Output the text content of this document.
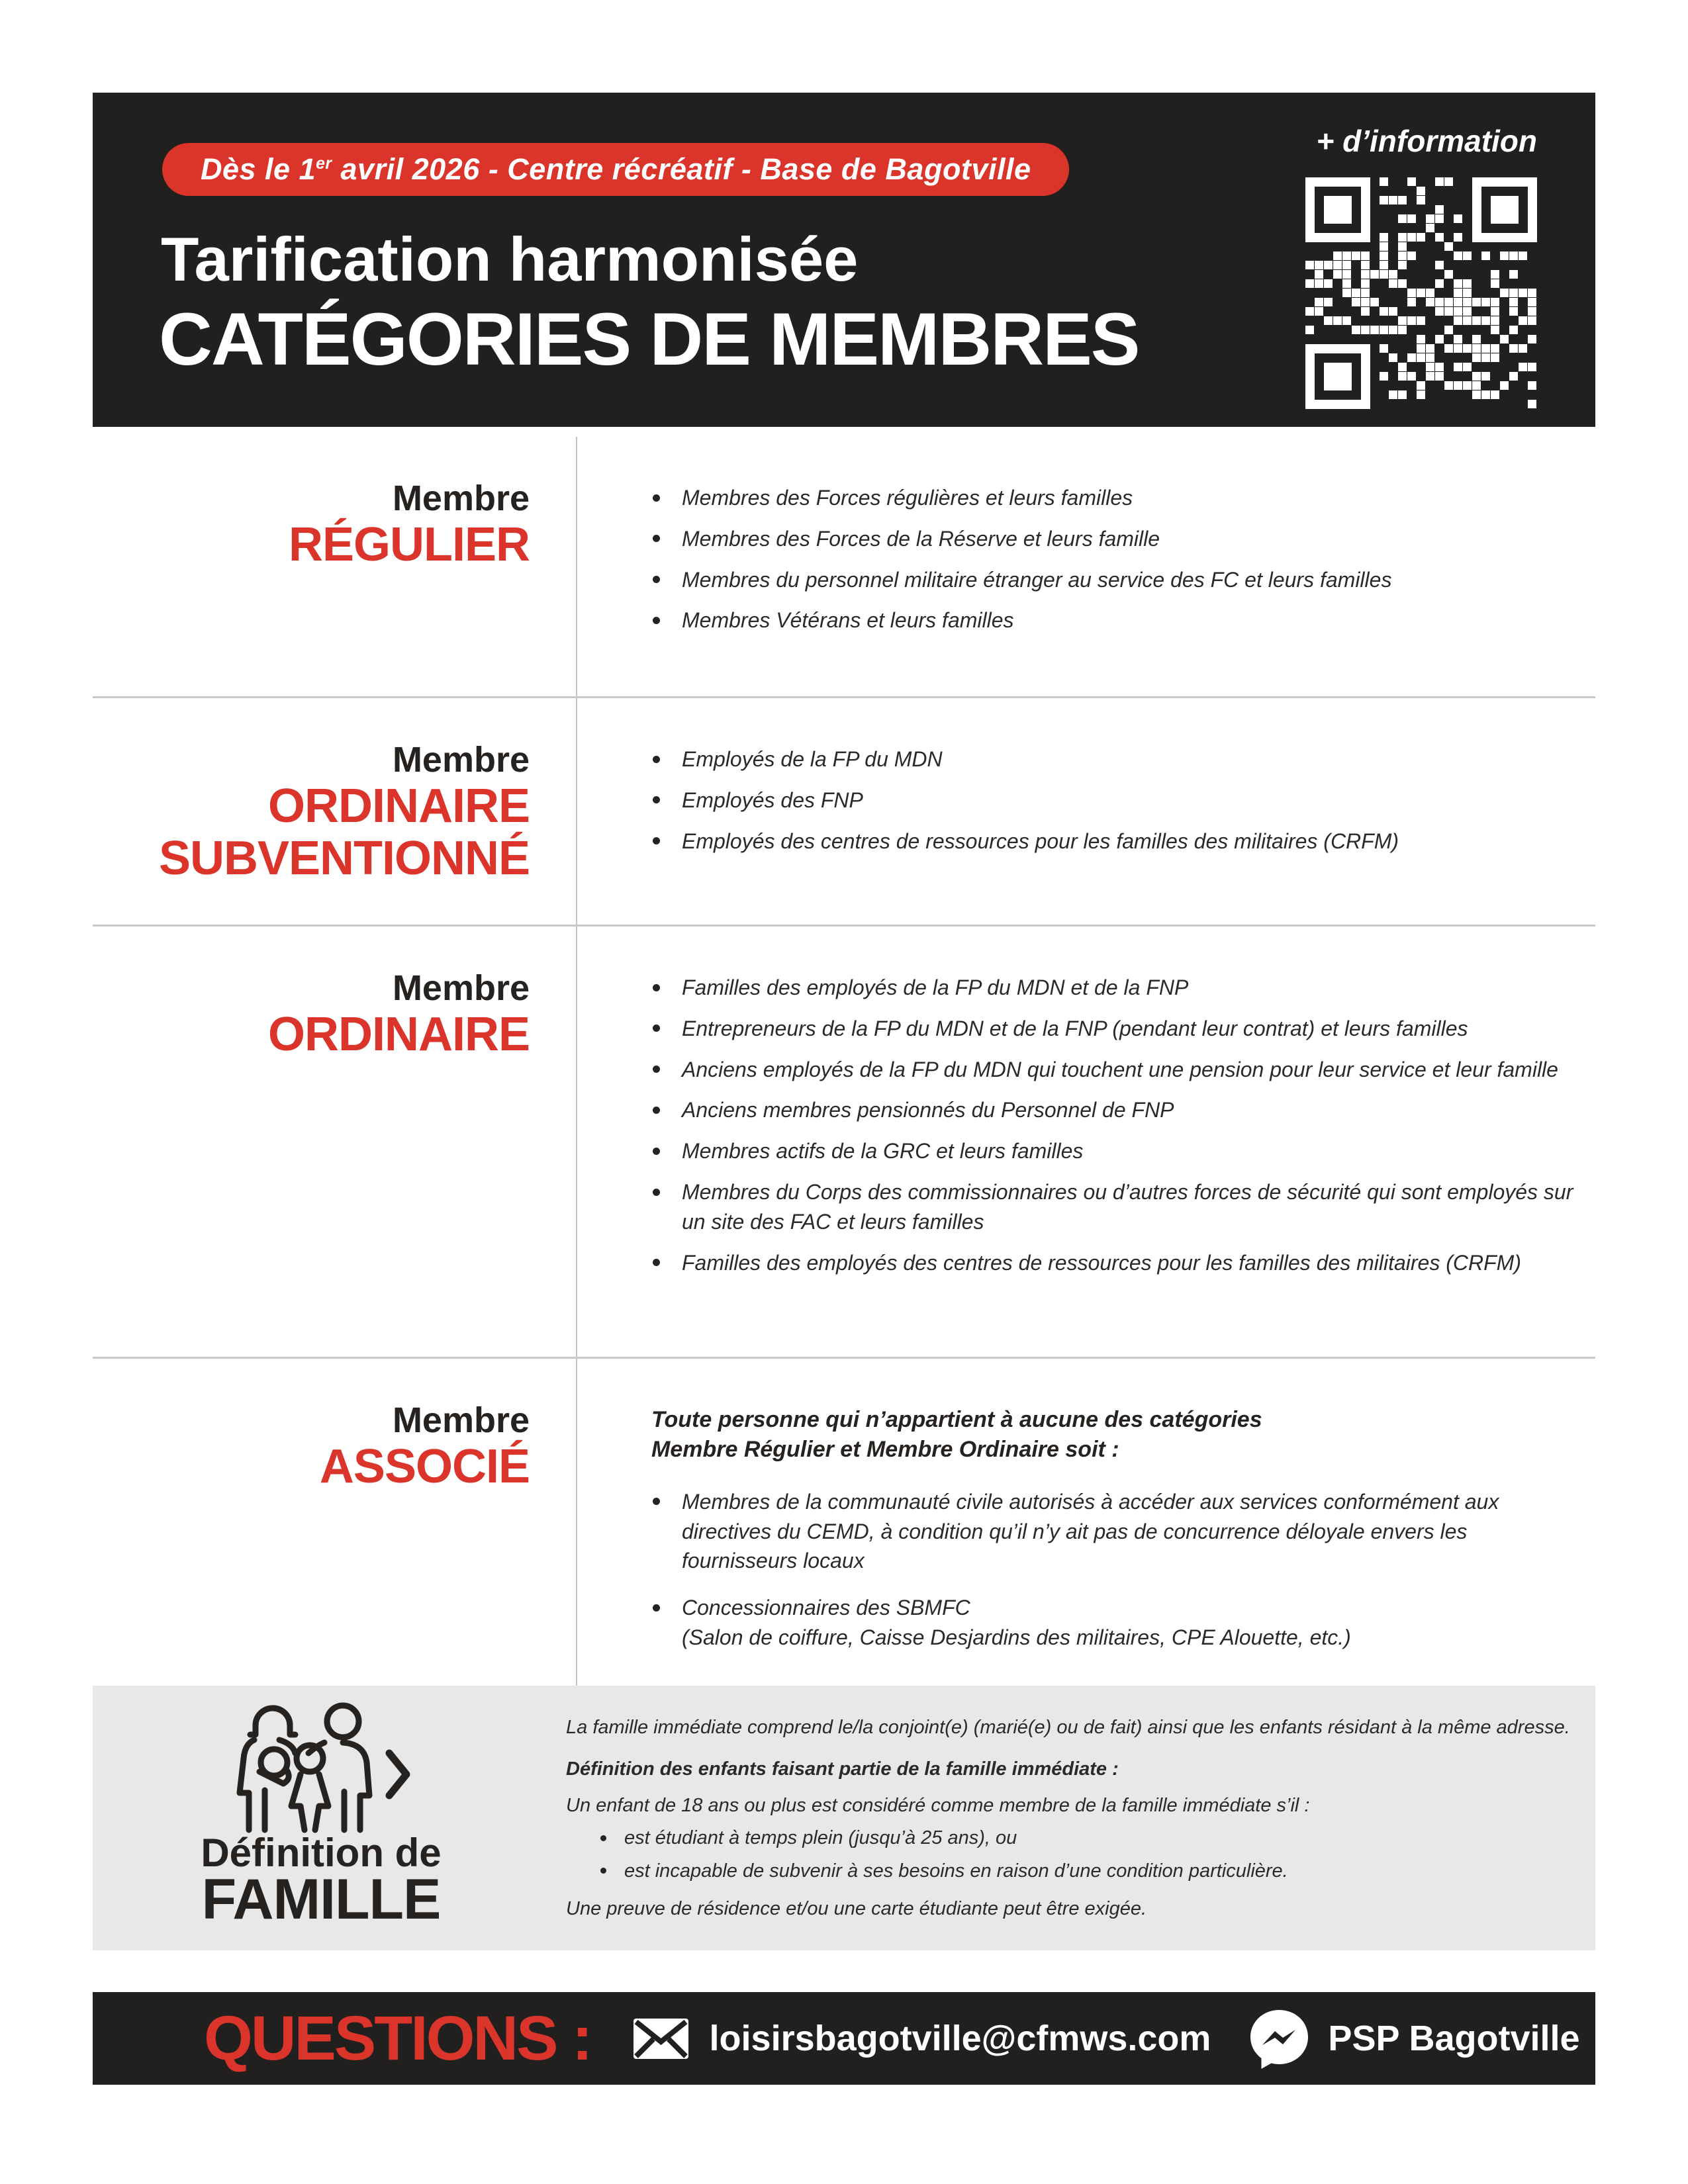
Dès le 1er avril 2026 - Centre récréatif - Base de Bagotville
Tarification harmonisée
CATÉGORIES DE MEMBRES
+ d’information
Membre
RÉGULIER
Membres des Forces régulières et leurs familles
Membres des Forces de la Réserve et leurs famille
Membres du personnel militaire étranger au service des FC et leurs familles
Membres Vétérans et leurs familles
Membre
ORDINAIRE
SUBVENTIONNÉ
Employés de la FP du MDN
Employés des FNP
Employés des centres de ressources pour les familles des militaires (CRFM)
Membre
ORDINAIRE
Familles des employés de la FP du MDN et de la FNP
Entrepreneurs de la FP du MDN et de la FNP (pendant leur contrat) et leurs familles
Anciens employés de la FP du MDN qui touchent une pension pour leur service et leur famille
Anciens membres pensionnés du Personnel de FNP
Membres actifs de la GRC et leurs familles
Membres du Corps des commissionnaires ou d’autres forces de sécurité qui sont employés sur un site des FAC et leurs familles
Familles des employés des centres de ressources pour les familles des militaires (CRFM)
Membre
ASSOCIÉ
Toute personne qui n’appartient à aucune des catégories
Membre Régulier et Membre Ordinaire soit :
Membres de la communauté civile autorisés à accéder aux services conformément aux directives du CEMD, à condition qu’il n’y ait pas de concurrence déloyale envers les fournisseurs locaux
Concessionnaires des SBMFC
(Salon de coiffure, Caisse Desjardins des militaires, CPE Alouette, etc.)
Définition de
FAMILLE
La famille immédiate comprend le/la conjoint(e) (marié(e) ou de fait) ainsi que les enfants résidant à la même adresse.
Définition des enfants faisant partie de la famille immédiate :
Un enfant de 18 ans ou plus est considéré comme membre de la famille immédiate s’il :
est étudiant à temps plein (jusqu’à 25 ans), ou
est incapable de subvenir à ses besoins en raison d’une condition particulière.
Une preuve de résidence et/ou une carte étudiante peut être exigée.
QUESTIONS :	loisirsbagotville@cfmws.com	PSP Bagotville
